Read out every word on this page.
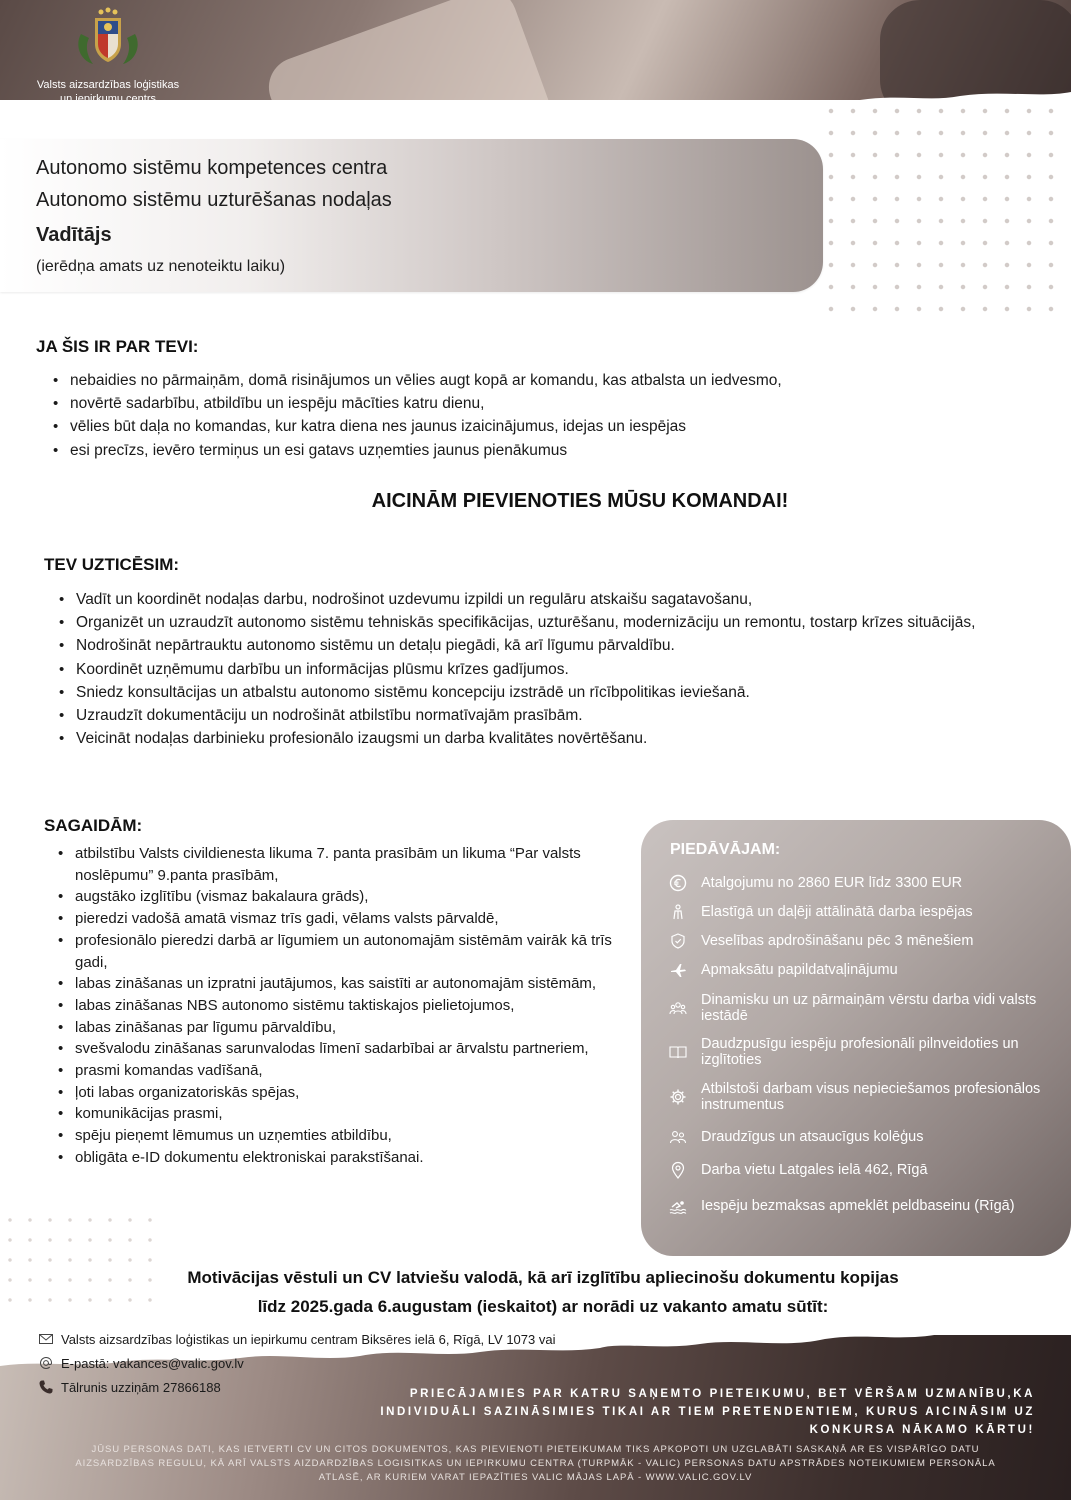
Valsts aizsardzības loģistikas
un iepirkumu centrs
Autonomo sistēmu kompetences centra
Autonomo sistēmu uzturēšanas nodaļas
Vadītājs
(ierēdņa amats uz nenoteiktu laiku)
JA ŠIS IR PAR TEVI:
• nebaidies no pārmaiņām, domā risinājumos un vēlies augt kopā ar komandu, kas atbalsta un iedvesmo,
• novērtē sadarbību, atbildību un iespēju mācīties katru dienu,
• vēlies būt daļa no komandas, kur katra diena nes jaunus izaicinājumus, idejas un iespējas
• esi precīzs, ievēro termiņus un esi gatavs uzņemties jaunus pienākumus
AICINĀM PIEVIENOTIES MŪSU KOMANDAI!
TEV UZTICĒSIM:
• Vadīt un koordinēt nodaļas darbu, nodrošinot uzdevumu izpildi un regulāru atskaišu sagatavošanu,
• Organizēt un uzraudzīt autonomo sistēmu tehniskās specifikācijas, uzturēšanu, modernizāciju un remontu, tostarp krīzes situācijās,
• Nodrošināt nepārtrauktu autonomo sistēmu un detaļu piegādi, kā arī līgumu pārvaldību.
• Koordinēt uzņēmumu darbību un informācijas plūsmu krīzes gadījumos.
• Sniedz konsultācijas un atbalstu autonomo sistēmu koncepciju izstrādē un rīcībpolitikas ieviešanā.
• Uzraudzīt dokumentāciju un nodrošināt atbilstību normatīvajām prasībām.
• Veicināt nodaļas darbinieku profesionālo izaugsmi un darba kvalitātes novērtēšanu.
SAGAIDĀM:
• atbilstību Valsts civildienesta likuma 7. panta prasībām un likuma “Par valsts noslēpumu” 9.panta prasībām,
• augstāko izglītību (vismaz bakalaura grāds),
• pieredzi vadošā amatā vismaz trīs gadi, vēlams valsts pārvaldē,
• profesionālo pieredzi darbā ar līgumiem un autonomajām sistēmām vairāk kā trīs gadi,
• labas zināšanas un izpratni jautājumos, kas saistīti ar autonomajām sistēmām,
• labas zināšanas NBS autonomo sistēmu taktiskajos pielietojumos,
• labas zināšanas par līgumu pārvaldību,
• svešvalodu zināšanas sarunvalodas līmenī sadarbībai ar ārvalstu partneriem,
• prasmi komandas vadīšanā,
• ļoti labas organizatoriskās spējas,
• komunikācijas prasmi,
• spēju pieņemt lēmumus un uzņemties atbildību,
• obligāta e-ID dokumentu elektroniskai parakstīšanai.
PIEDĀVĀJAM:
Atalgojumu no 2860 EUR līdz 3300 EUR
Elastīgā un daļēji attālinātā darba iespējas
Veselības apdrošināšanu pēc 3 mēnešiem
Apmaksātu papildatvaļinājumu
Dinamisku un uz pārmaiņām vērstu darba vidi valsts iestādē
Daudzpusīgu iespēju profesionāli pilnveidoties un izglītoties
Atbilstoši darbam visus nepieciešamos profesionālos instrumentus
Draudzīgus un atsaucīgus kolēģus
Darba vietu Latgales ielā 462, Rīgā
Iespēju bezmaksas apmeklēt peldbaseinu (Rīgā)
Motivācijas vēstuli un CV latviešu valodā, kā arī izglītību apliecinošu dokumentu kopijas
līdz 2025.gada 6.augustam (ieskaitot) ar norādi uz vakanto amatu sūtīt:
Valsts aizsardzības loģistikas un iepirkumu centram Biksēres ielā 6, Rīgā, LV 1073 vai
E-pastā: vakances@valic.gov.lv
Tālrunis uzziņām 27866188	PRIECĀJAMIES PAR KATRU SAŅEMTO PIETEIKUMU, BET VĒRŠAM UZMANĪBU,KA
INDIVIDUĀLI SAZINĀSIMIES TIKAI AR TIEM PRETENDENTIEM, KURUS AICINĀSIM UZ
KONKURSA NĀKAMO KĀRTU!
JŪSU PERSONAS DATI, KAS IETVERTI CV UN CITOS DOKUMENTOS, KAS PIEVIENOTI PIETEIKUMAM TIKS APKOPOTI UN UZGLABĀTI SASKAŅĀ AR ES VISPĀRĪGO DATU
AIZSARDZĪBAS REGULU, KĀ ARĪ VALSTS AIZDARDZĪBAS LOGISITKAS UN IEPIRKUMU CENTRA (TURPMĀK - VALIC) PERSONAS DATU APSTRĀDES NOTEIKUMIEM PERSONĀLA
ATLASĒ, AR KURIEM VARAT IEPAZĪTIES VALIC MĀJAS LAPĀ - WWW.VALIC.GOV.LV
